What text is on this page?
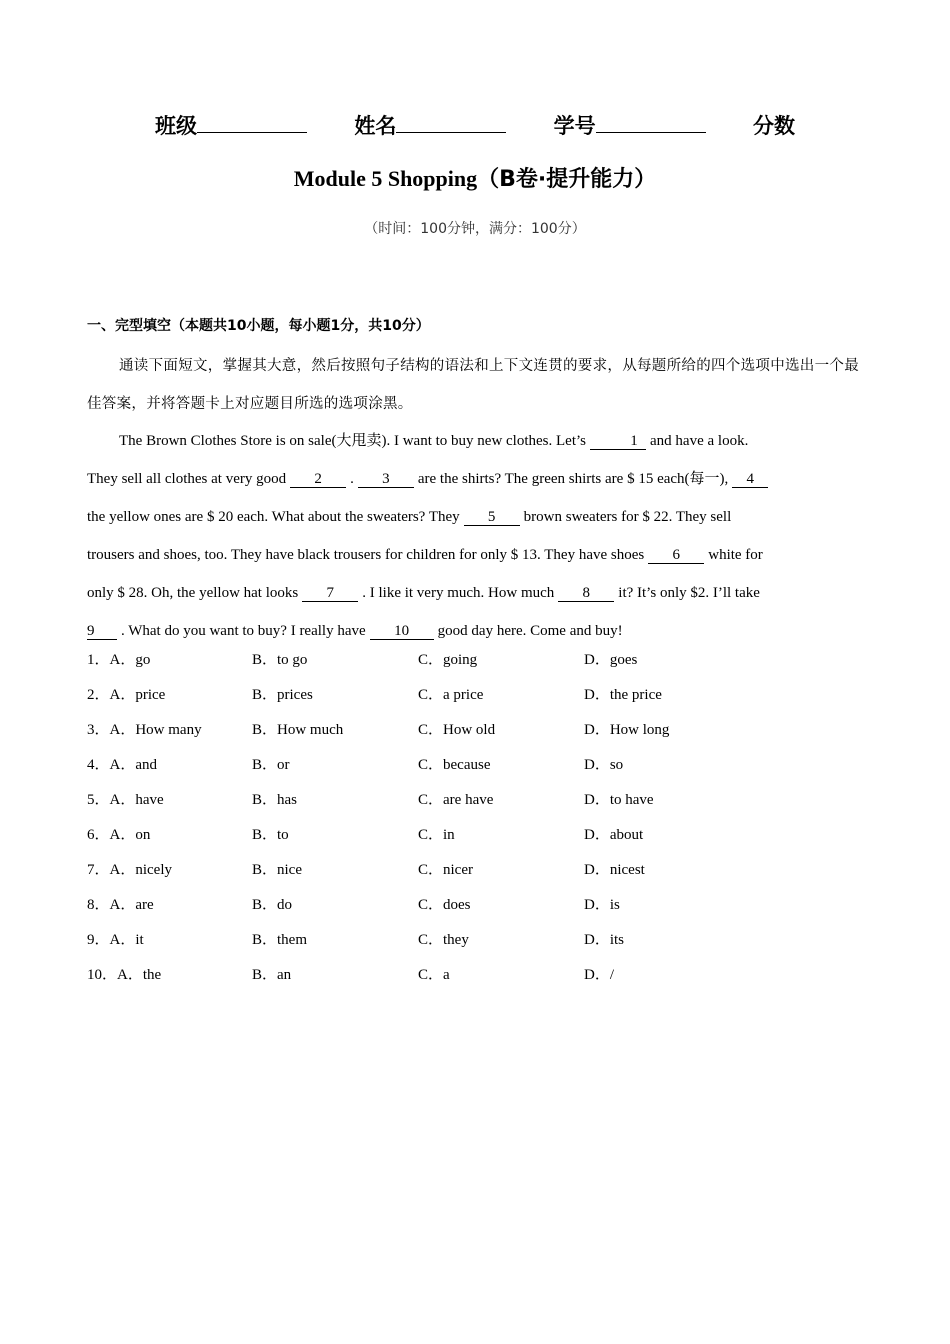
班级	姓名	学号	分数
Module 5 Shopping（B卷·提升能力）
（时间：100分钟，满分：100分）
一、完型填空（本题共10小题，每小题1分，共10分）
通读下面短文，掌握其大意，然后按照句子结构的语法和上下文连贯的要求，从每题所给的四个选项中选出一个最佳答案，并将答题卡上对应题目所选的选项涂黑。
The Brown Clothes Store is on sale(大甩卖). I want to buy new clothes. Let’s	1 and have a look.
They sell all clothes at very good 2 . 3 are the shirts? The green shirts are $ 15 each(每一), 4
the yellow ones are $ 20 each. What about the sweaters? They 5 brown sweaters for $ 22. They sell
trousers and shoes, too. They have black trousers for children for only $ 13. They have shoes 6 white for
only $ 28. Oh, the yellow hat looks 7 . I like it very much. How much 8 it? It’s only $2. I’ll take
9 . What do you want to buy? I really have 10 good day here. Come and buy!
1．A．go	B．to go	C．going	D．goes
2．A．price	B．prices	C．a price	D．the price
3．A．How many	B．How much	C．How old	D．How long
4．A．and	B．or	C．because	D．so
5．A．have	B．has	C．are have	D．to have
6．A．on	B．to	C．in	D．about
7．A．nicely	B．nice	C．nicer	D．nicest
8．A．are	B．do	C．does	D．is
9．A．it	B．them	C．they	D．its
10．A．the	B．an	C．a	D．/
